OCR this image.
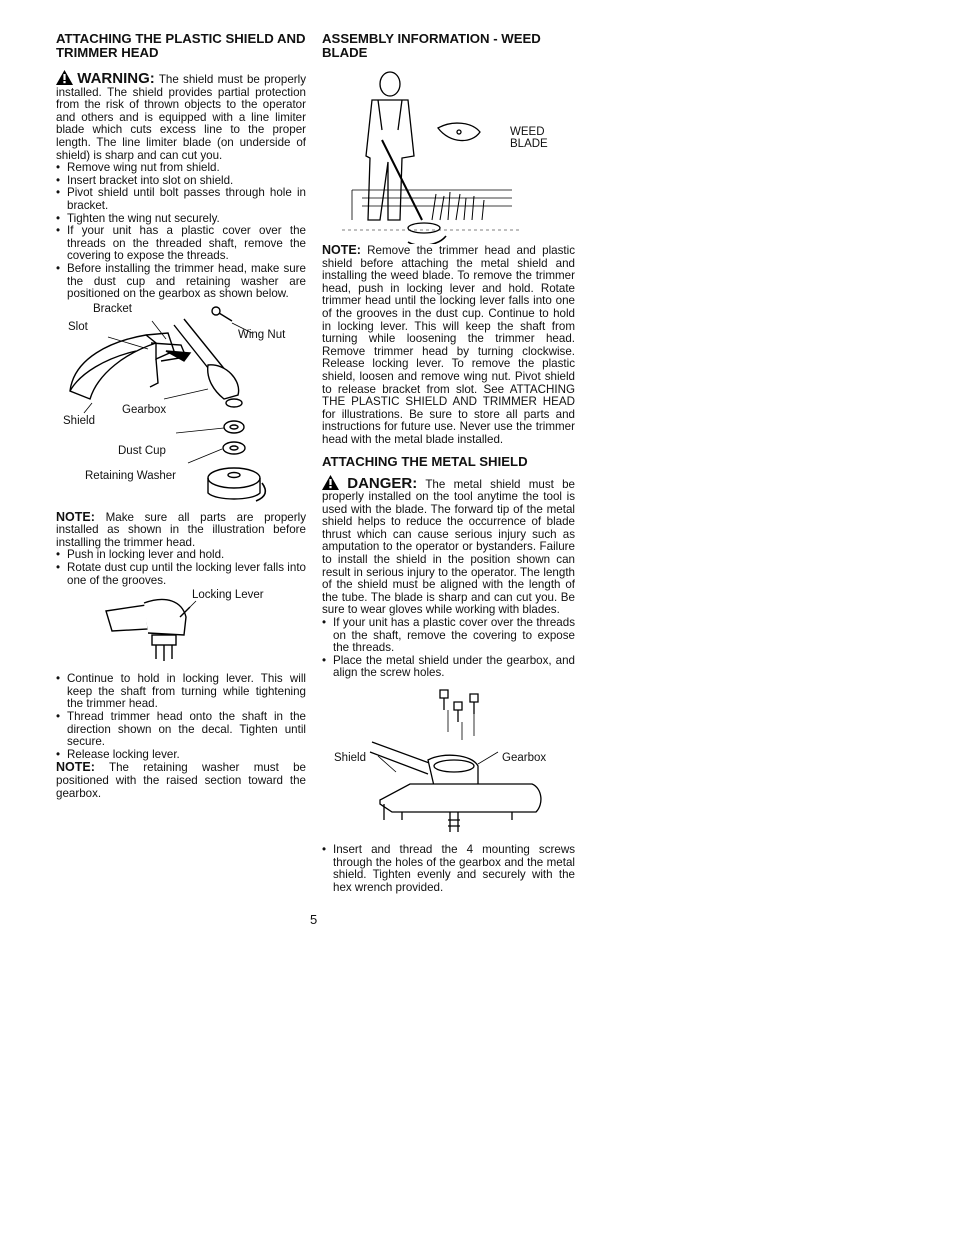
ATTACHING THE PLASTIC SHIELD AND TRIMMER HEAD

WARNING: The shield must be properly installed. The shield provides partial protection from the risk of thrown objects to the operator and others and is equipped with a line limiter blade which cuts excess line to the proper length. The line limiter blade (on underside of shield) is sharp and can cut you.

• Remove wing nut from shield.
• Insert bracket into slot on shield.
• Pivot shield until bolt passes through hole in bracket.
• Tighten the wing nut securely.
• If your unit has a plastic cover over the threads on the threaded shaft, remove the covering to expose the threads.
• Before installing the trimmer head, make sure the dust cup and retaining washer are positioned on the gearbox as shown below.
Bracket
Slot
Wing Nut
Gearbox
Shield
Dust Cup
Retaining Washer

NOTE: Make sure all parts are properly installed as shown in the illustration before installing the trimmer head.

• Push in locking lever and hold.
• Rotate dust cup until the locking lever falls into one of the grooves.
Locking Lever
• Continue to hold in locking lever. This will keep the shaft from turning while tightening the trimmer head.
• Thread trimmer head onto the shaft in the direction shown on the decal. Tighten until secure.
• Release locking lever.

NOTE: The retaining washer must be positioned with the raised section toward the gearbox.

ASSEMBLY INFORMATION - WEED BLADE
WEED BLADE

NOTE: Remove the trimmer head and plastic shield before attaching the metal shield and installing the weed blade. To remove the trimmer head, push in locking lever and hold. Rotate trimmer head until the locking lever falls into one of the grooves in the dust cup. Continue to hold in locking lever. This will keep the shaft from turning while loosening the trimmer head. Remove trimmer head by turning clockwise. Release locking lever. To remove the plastic shield, loosen and remove wing nut. Pivot shield to release bracket from slot. See ATTACHING THE PLASTIC SHIELD AND TRIMMER HEAD for illustrations. Be sure to store all parts and instructions for future use. Never use the trimmer head with the metal blade installed.

ATTACHING THE METAL SHIELD

DANGER: The metal shield must be properly installed on the tool anytime the tool is used with the blade. The forward tip of the metal shield helps to reduce the occurrence of blade thrust which can cause serious injury such as amputation to the operator or bystanders. Failure to install the shield in the position shown can result in serious injury to the operator. The length of the shield must be aligned with the length of the tube. The blade is sharp and can cut you. Be sure to wear gloves while working with blades.

• If your unit has a plastic cover over the threads on the shaft, remove the covering to expose the threads.
• Place the metal shield under the gearbox, and align the screw holes.
Shield	Gearbox
• Insert and thread the 4 mounting screws through the holes of the gearbox and the metal shield. Tighten evenly and securely with the hex wrench provided.
5
